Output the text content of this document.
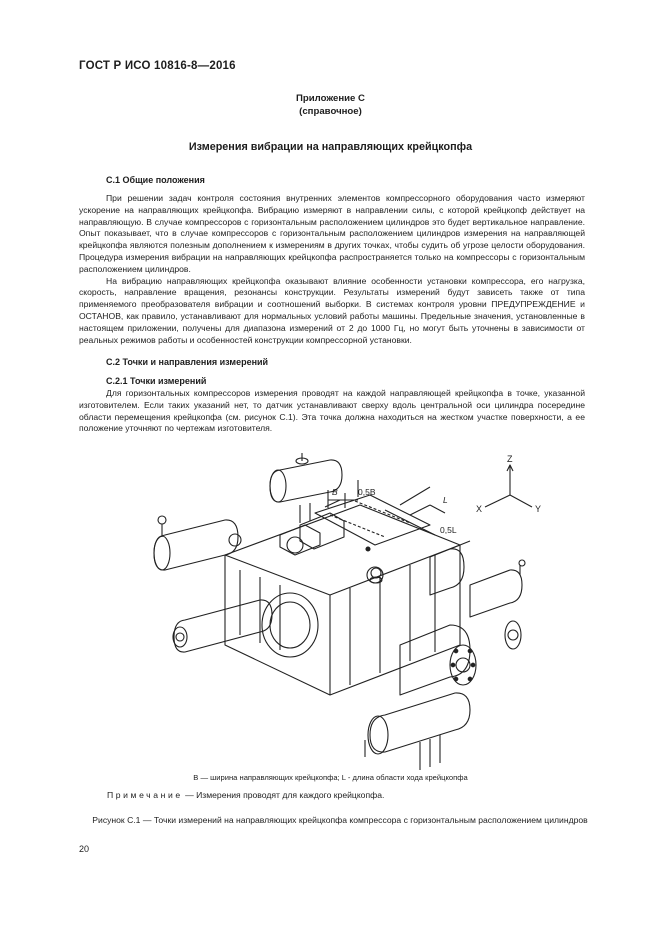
ГОСТ Р ИСО 10816-8—2016
Приложение С
(справочное)
Измерения вибрации на направляющих крейцкопфа
С.1 Общие положения

При решении задач контроля состояния внутренних элементов компрессорного оборудования часто измеряют ускорение на направляющих крейцкопфа. Вибрацию измеряют в направлении силы, с которой крейцкопф действует на направляющую. В случае компрессоров с горизонтальным расположением цилиндров это будет вертикальное направление. Опыт показывает, что в случае компрессоров с горизонтальным расположением цилиндров измерения на направляющей крейцкопфа являются полезным дополнением к измерениям в других точках, чтобы судить об угрозе целости оборудования. Процедура измерения вибрации на направляющих крейцкопфа распространяется только на компрессоры с горизонтальным расположением цилиндров.

На вибрацию направляющих крейцкопфа оказывают влияние особенности установки компрессора, его нагрузка, скорость, направление вращения, резонансы конструкции. Результаты измерений будут зависеть также от типа применяемого преобразователя вибрации и соотношений выборки. В системах контроля уровни ПРЕДУПРЕЖДЕНИЕ и ОСТАНОВ, как правило, устанавливают для нормальных условий работы машины. Предельные значения, установленные в настоящем приложении, получены для диапазона измерений от 2 до 1000 Гц, но могут быть уточнены в зависимости от реальных режимов работы и особенностей конструкции компрессорной установки.

С.2 Точки и направления измерений
С.2.1 Точки измерений

Для горизонтальных компрессоров измерения проводят на каждой направляющей крейцкопфа в точке, указанной изготовителем. Если таких указаний нет, то датчик устанавливают сверху вдоль центральной оси цилиндра посередине области перемещения крейцкопфа (см. рисунок С.1). Эта точка должна находиться на жестком участке поверхности, а ее положение уточняют по чертежам изготовителя.

Z
X	Y
B 0,5B
L
0,5L
B — ширина направляющих крейцкопфа; L - длина области хода крейцкопфа
Примечание — Измерения проводят для каждого крейцкопфа.
Рисунок С.1 — Точки измерений на направляющих крейцкопфа компрессора с горизонтальным расположением цилиндров
20
